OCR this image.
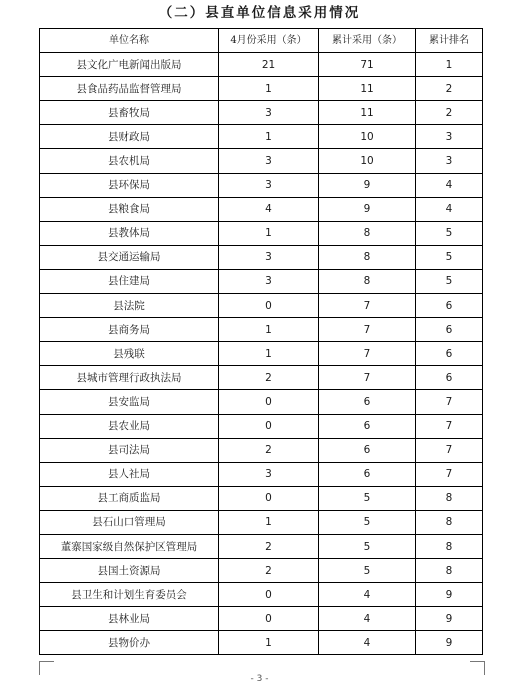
（二）县直单位信息采用情况
单位名称	4月份采用（条）	累计采用（条）	累计排名
县文化广电新闻出版局	21	71	1
县食品药品监督管理局	1	11	2
县畜牧局	3	11	2
县财政局	1	10	3
县农机局	3	10	3
县环保局	3	9	4
县粮食局	4	9	4
县教体局	1	8	5
县交通运输局	3	8	5
县住建局	3	8	5
县法院	0	7	6
县商务局	1	7	6
县残联	1	7	6
县城市管理行政执法局	2	7	6
县安监局	0	6	7
县农业局	0	6	7
县司法局	2	6	7
县人社局	3	6	7
县工商质监局	0	5	8
县石山口管理局	1	5	8
董寨国家级自然保护区管理局	2	5	8
县国土资源局	2	5	8
县卫生和计划生育委员会	0	4	9
县林业局	0	4	9
县物价办	1	4	9
- 3 -
